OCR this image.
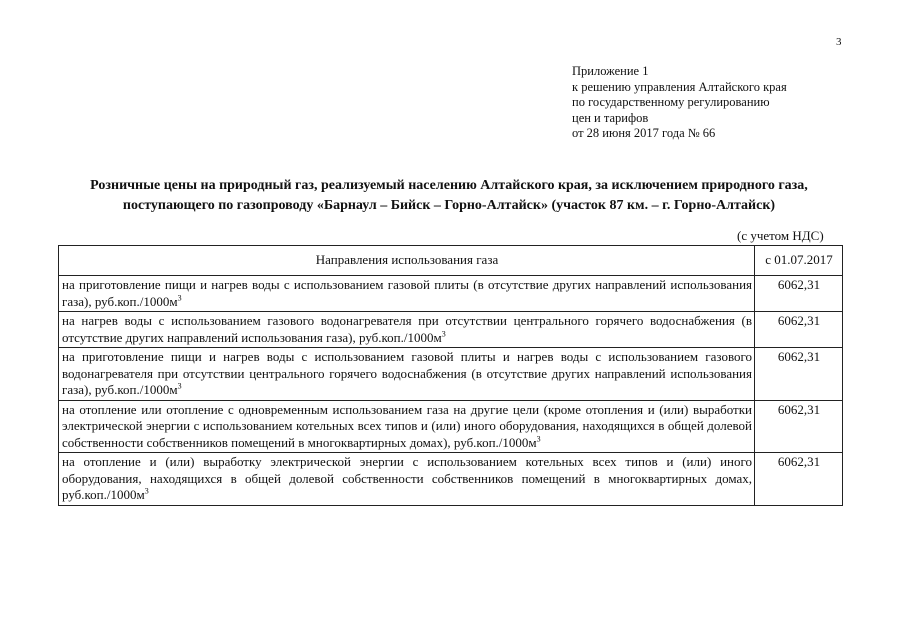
3
Приложение 1
к решению управления Алтайского края
по государственному регулированию
цен и тарифов
от 28 июня 2017 года № 66
Розничные цены на природный газ, реализуемый населению Алтайского края, за исключением природного газа,
поступающего по газопроводу «Барнаул – Бийск – Горно-Алтайск» (участок 87 км. – г. Горно-Алтайск)
(с учетом НДС)
Направления использования газа	с 01.07.2017
на приготовление пищи и нагрев воды с использованием газовой плиты (в отсутствие других направлений использования газа), $руб.коп./1000м^3$	6062,31
на нагрев воды с использованием газового водонагревателя при отсутствии центрального горячего водоснабжения (в отсутствие других направлений использования газа), $руб.коп./1000м^3$	6062,31
на приготовление пищи и нагрев воды с использованием газовой плиты и нагрев воды с использованием газового водонагревателя при отсутствии центрального горячего водоснабжения (в отсутствие других направлений использования газа), $руб.коп./1000м^3$	6062,31
на отопление или отопление с одновременным использованием газа на другие цели (кроме отопления и (или) выработки электрической энергии с использованием котельных всех типов и (или) иного оборудования, находящихся в общей долевой собственности собственников помещений в многоквартирных домах), $руб.коп./1000м^3$	6062,31
на отопление и (или) выработку электрической энергии с использованием котельных всех типов и (или) иного оборудования, находящихся в общей долевой собственности собственников помещений в многоквартирных домах, $руб.коп./1000м^3$	6062,31
